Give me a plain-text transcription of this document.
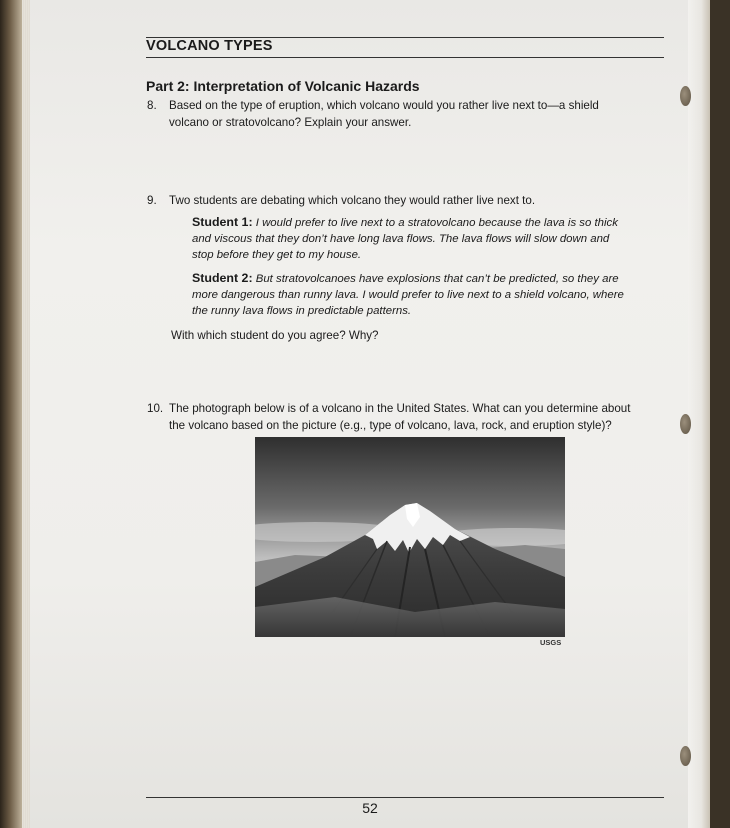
VOLCANO TYPES
Part 2: Interpretation of Volcanic Hazards
8. Based on the type of eruption, which volcano would you rather live next to—a shield
volcano or stratovolcano? Explain your answer.
9. Two students are debating which volcano they would rather live next to.
Student 1: I would prefer to live next to a stratovolcano because the lava is so thick
and viscous that they don’t have long lava flows. The lava flows will slow down and
stop before they get to my house.
Student 2: But stratovolcanoes have explosions that can’t be predicted, so they are
more dangerous than runny lava. I would prefer to live next to a shield volcano, where
the runny lava flows in predictable patterns.
With which student do you agree? Why?
10. The photograph below is of a volcano in the United States. What can you determine about
the volcano based on the picture (e.g., type of volcano, lava, rock, and eruption style)?
USGS
52
